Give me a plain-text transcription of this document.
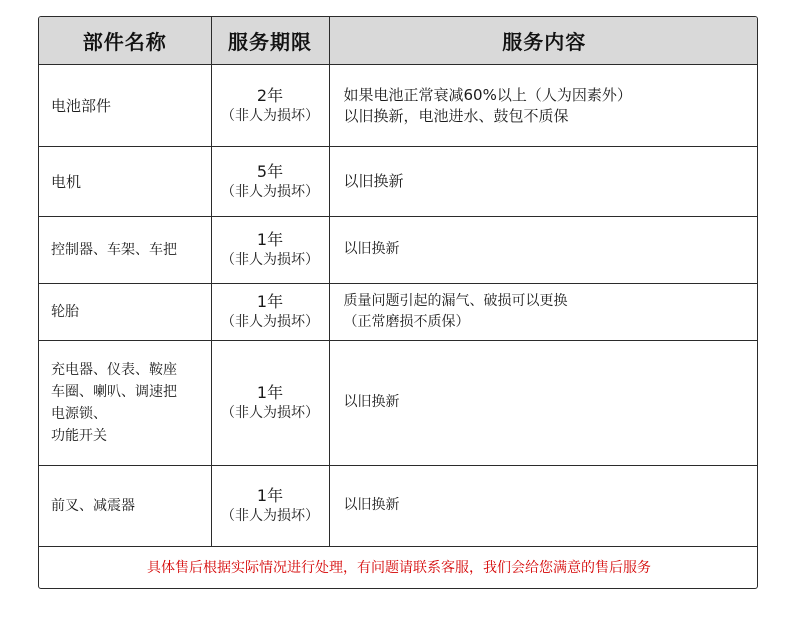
部件名称	服务期限	服务内容

电池部件	2年
（非人为损坏）	如果电池正常衰减60%以上（人为因素外）
以旧换新，电池进水、鼓包不质保

电机	5年
（非人为损坏）	以旧换新

控制器、车架、车把	1年
（非人为损坏）	以旧换新

轮胎	1年
（非人为损坏）	质量问题引起的漏气、破损可以更换
（正常磨损不质保）

充电器、仪表、鞍座
车圈、喇叭、调速把
电源锁、
功能开关	1年
（非人为损坏）	以旧换新

前叉、减震器	1年
（非人为损坏）	以旧换新

具体售后根据实际情况进行处理，有问题请联系客服，我们会给您满意的售后服务		
